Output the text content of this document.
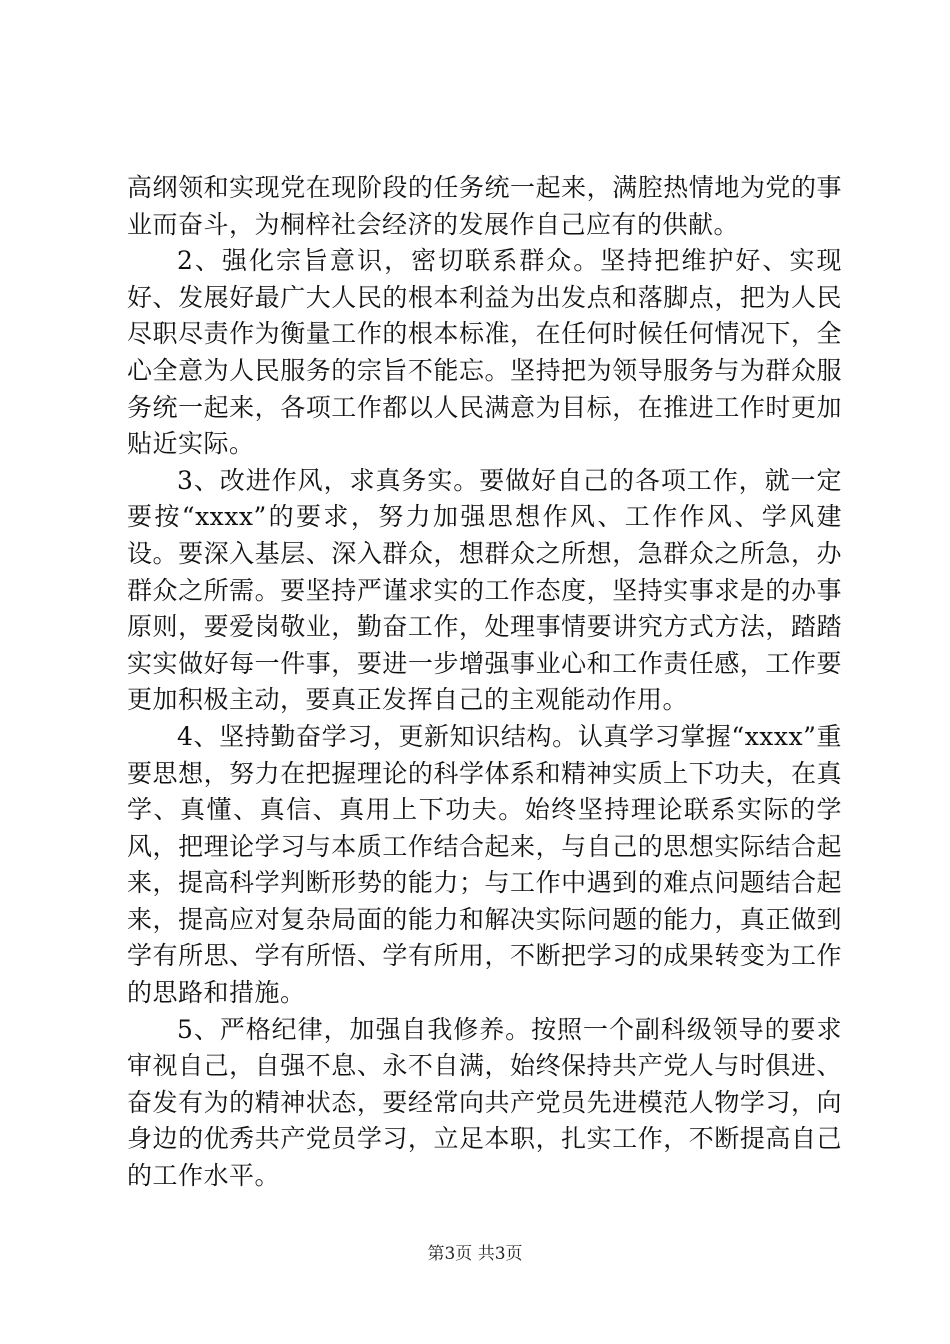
高纲领和实现党在现阶段的任务统一起来，满腔热情地为党的事业而奋斗，为桐梓社会经济的发展作自己应有的供献。

2、强化宗旨意识，密切联系群众。坚持把维护好、实现好、发展好最广大人民的根本利益为出发点和落脚点，把为人民尽职尽责作为衡量工作的根本标准，在任何时候任何情况下，全心全意为人民服务的宗旨不能忘。坚持把为领导服务与为群众服务统一起来，各项工作都以人民满意为目标，在推进工作时更加贴近实际。

3、改进作风，求真务实。要做好自己的各项工作，就一定要按“xxxx”的要求，努力加强思想作风、工作作风、学风建设。要深入基层、深入群众，想群众之所想，急群众之所急，办群众之所需。要坚持严谨求实的工作态度，坚持实事求是的办事原则，要爱岗敬业，勤奋工作，处理事情要讲究方式方法，踏踏实实做好每一件事，要进一步增强事业心和工作责任感，工作要更加积极主动，要真正发挥自己的主观能动作用。

4、坚持勤奋学习，更新知识结构。认真学习掌握“xxxx”重要思想，努力在把握理论的科学体系和精神实质上下功夫，在真学、真懂、真信、真用上下功夫。始终坚持理论联系实际的学风，把理论学习与本质工作结合起来，与自己的思想实际结合起来，提高科学判断形势的能力；与工作中遇到的难点问题结合起来，提高应对复杂局面的能力和解决实际问题的能力，真正做到学有所思、学有所悟、学有所用，不断把学习的成果转变为工作的思路和措施。

5、严格纪律，加强自我修养。按照一个副科级领导的要求审视自己，自强不息、永不自满，始终保持共产党人与时俱进、奋发有为的精神状态，要经常向共产党员先进模范人物学习，向身边的优秀共产党员学习，立足本职，扎实工作，不断提高自己的工作水平。

第3页 共3页
